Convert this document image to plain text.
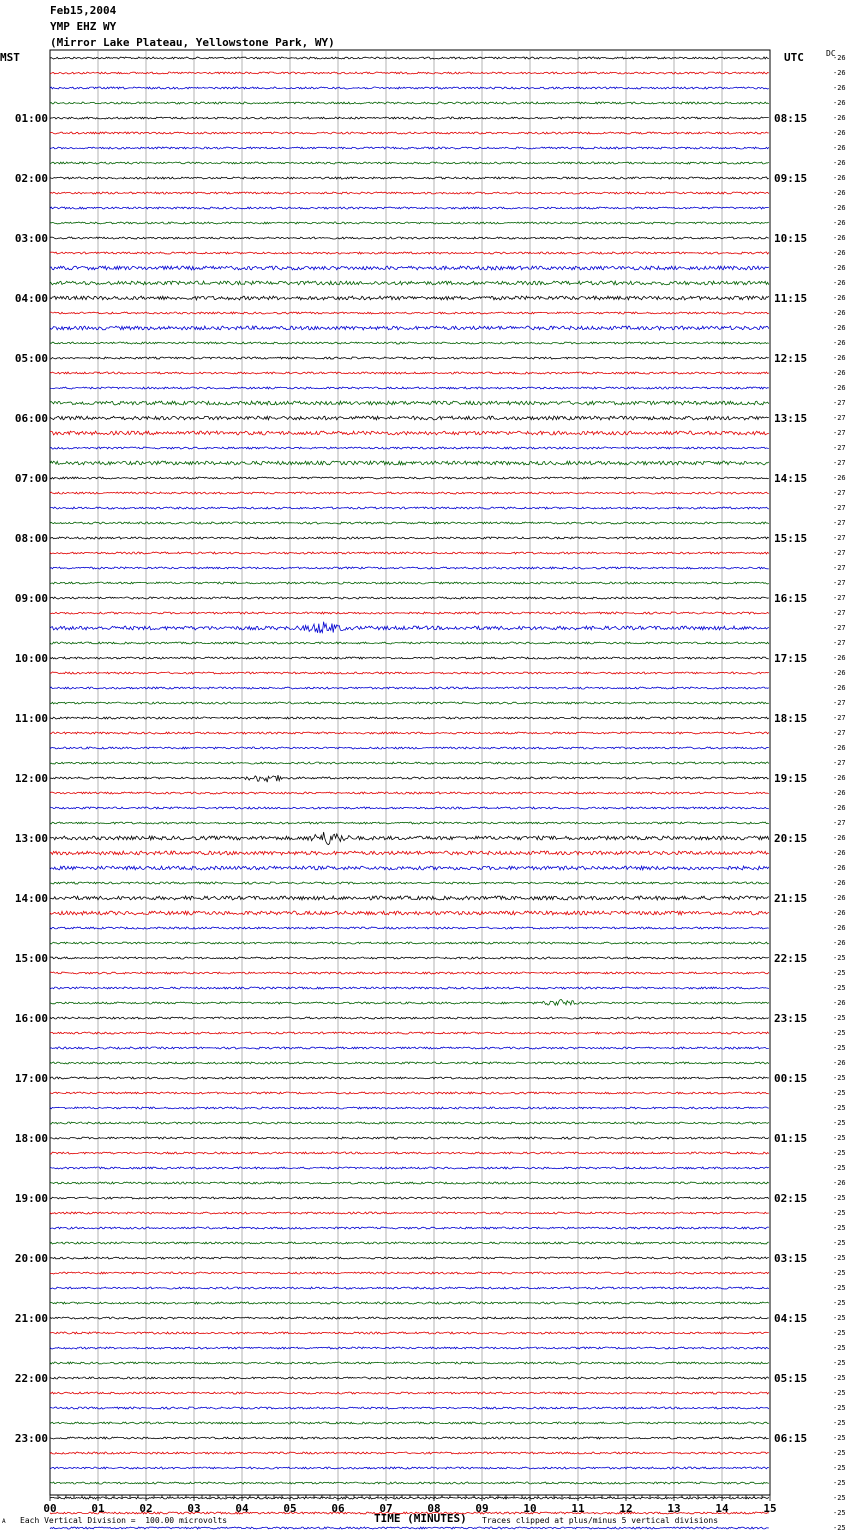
Feb15,2004
YMP EHZ WY
(Mirror Lake Plateau, Yellowstone Park, WY)
MST	UTC	DC
01:00
02:00
03:00
04:00
05:00
06:00
07:00
08:00
09:00
10:00
11:00
12:00
13:00
14:00
15:00
16:00
17:00
18:00
19:00
20:00
21:00
22:00
23:00
08:15
09:15
10:15
11:15
12:15
13:15
14:15
15:15
16:15
17:15
18:15
19:15
20:15
21:15
22:15
23:15
00:15
01:15
02:15
03:15
04:15
05:15
06:15
-26
-26
-26
-26
-26
-26
-26
-26
-26
-26
-26
-26
-26
-26
-26
-26
-26
-26
-26
-26
-26
-26
-26
-27
-27
-27
-27
-27
-26
-27
-27
-27
-27
-27
-27
-27
-27
-27
-27
-27
-26
-26
-26
-27
-27
-27
-26
-27
-26
-26
-26
-27
-26
-26
-26
-26
-26
-26
-26
-26
-25
-25
-25
-26
-25
-25
-25
-26
-25
-25
-25
-25
-25
-25
-25
-26
-25
-25
-25
-25
-25
-25
-25
-25
-25
-25
-25
-25
-25
-25
-25
-25
-25
-25
-25
-25
-25
-25
-25
00	01	02	03	04	05	06	07	08	09	10	11	12	13	14	15
A Each Vertical Division =  100.00 microvolts	TIME (MINUTES) Traces clipped at plus/minus 5 vertical divisions
